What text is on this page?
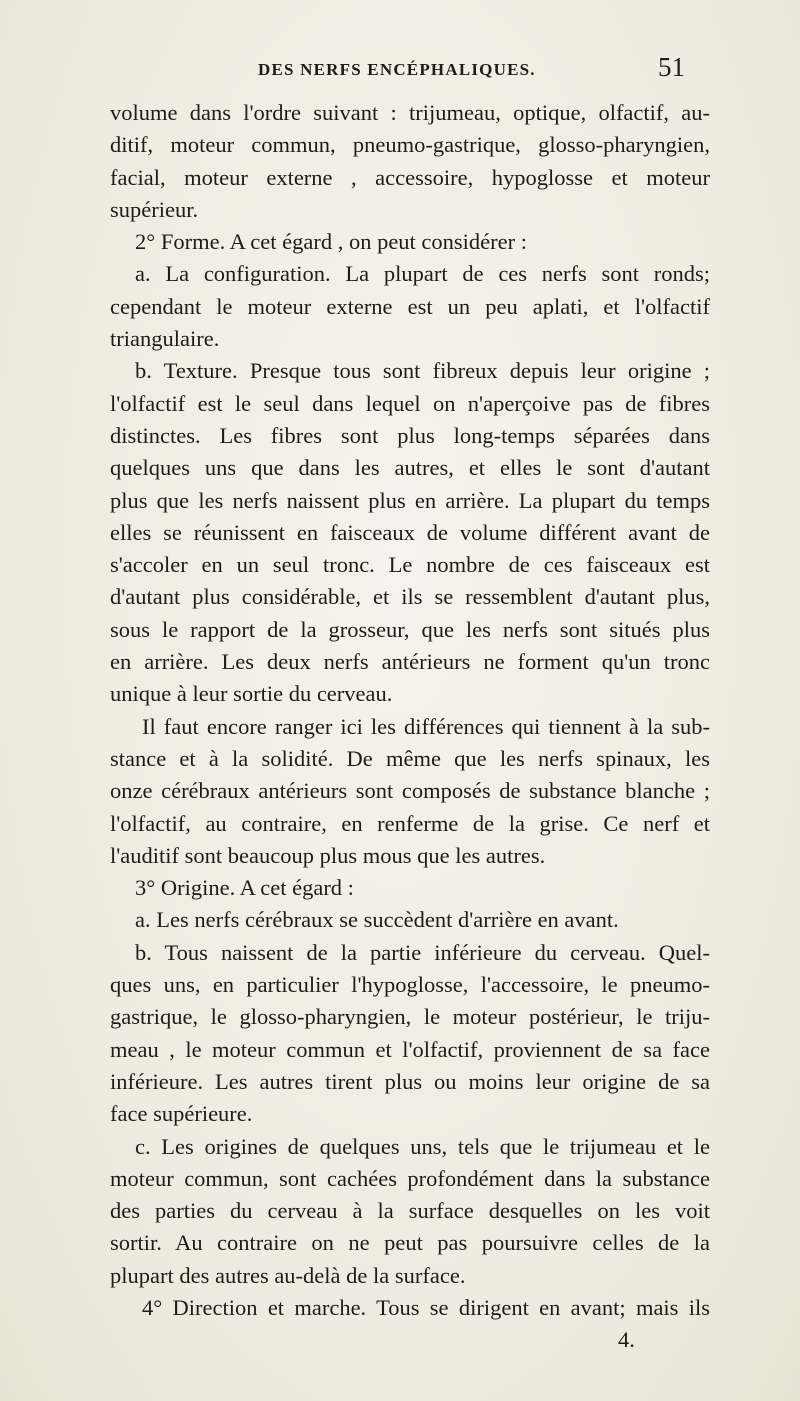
DES NERFS ENCÉPHALIQUES.	51
volume dans l'ordre suivant : trijumeau, optique, olfactif, au-
ditif, moteur commun, pneumo-gastrique, glosso-pharyngien,
facial, moteur externe , accessoire, hypoglosse et moteur
supérieur.
2° Forme. A cet égard , on peut considérer :
a. La configuration. La plupart de ces nerfs sont ronds;
cependant le moteur externe est un peu aplati, et l'olfactif
triangulaire.
b. Texture. Presque tous sont fibreux depuis leur origine ;
l'olfactif est le seul dans lequel on n'aperçoive pas de fibres
distinctes. Les fibres sont plus long-temps séparées dans
quelques uns que dans les autres, et elles le sont d'autant
plus que les nerfs naissent plus en arrière. La plupart du temps
elles se réunissent en faisceaux de volume différent avant de
s'accoler en un seul tronc. Le nombre de ces faisceaux est
d'autant plus considérable, et ils se ressemblent d'autant plus,
sous le rapport de la grosseur, que les nerfs sont situés plus
en arrière. Les deux nerfs antérieurs ne forment qu'un tronc
unique à leur sortie du cerveau.
Il faut encore ranger ici les différences qui tiennent à la sub-
stance et à la solidité. De même que les nerfs spinaux, les
onze cérébraux antérieurs sont composés de substance blanche ;
l'olfactif, au contraire, en renferme de la grise. Ce nerf et
l'auditif sont beaucoup plus mous que les autres.
3° Origine. A cet égard :
a. Les nerfs cérébraux se succèdent d'arrière en avant.
b. Tous naissent de la partie inférieure du cerveau. Quel-
ques uns, en particulier l'hypoglosse, l'accessoire, le pneumo-
gastrique, le glosso-pharyngien, le moteur postérieur, le triju-
meau , le moteur commun et l'olfactif, proviennent de sa face
inférieure. Les autres tirent plus ou moins leur origine de sa
face supérieure.
c. Les origines de quelques uns, tels que le trijumeau et le
moteur commun, sont cachées profondément dans la substance
des parties du cerveau à la surface desquelles on les voit
sortir. Au contraire on ne peut pas poursuivre celles de la
plupart des autres au-delà de la surface.
4° Direction et marche. Tous se dirigent en avant; mais ils
4.
